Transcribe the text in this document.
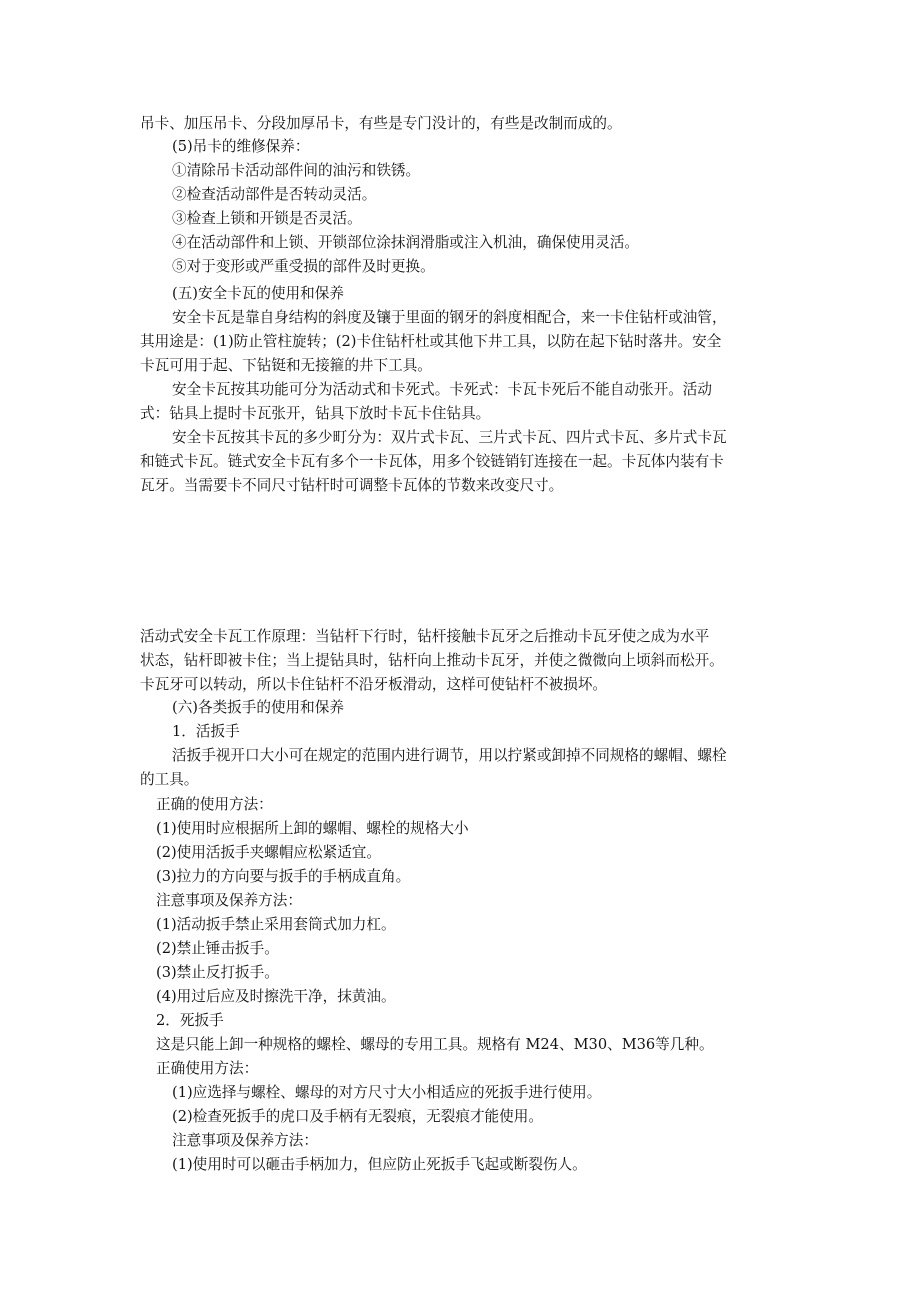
吊卡、加压吊卡、分段加厚吊卡，有些是专门没计的，有些是改制而成的。
(5)吊卡的维修保养：
①清除吊卡活动部件间的油污和铁锈。
②检查活动部件是否转动灵活。
③检查上锁和开锁是否灵活。
④在活动部件和上锁、开锁部位涂抹润滑脂或注入机油，确保使用灵活。
⑤对于变形或严重受损的部件及时更换。
(五)安全卡瓦的使用和保养
安全卡瓦是靠自身结构的斜度及镶于里面的钢牙的斜度相配合，来一卡住钻杆或油管，
其用途是：(1)防止管柱旋转；(2)卡住钻杆杜或其他下井工具，以防在起下钻时落井。安全
卡瓦可用于起、下钻铤和无接箍的井下工具。
安全卡瓦按其功能可分为活动式和卡死式。卡死式：卡瓦卡死后不能自动张开。活动
式：钻具上提时卡瓦张开，钻具下放时卡瓦卡住钻具。
安全卡瓦按其卡瓦的多少町分为：双片式卡瓦、三片式卡瓦、四片式卡瓦、多片式卡瓦
和链式卡瓦。链式安全卡瓦有多个一卡瓦体，用多个铰链销钉连接在一起。卡瓦体内装有卡
瓦牙。当需要卡不同尺寸钻杆时可调整卡瓦体的节数来改变尺寸。
活动式安全卡瓦工作原理：当钻杆下行时，钻杆接触卡瓦牙之后推动卡瓦牙使之成为水平
状态，钻杆即被卡住；当上提钻具时，钻杆向上推动卡瓦牙，并使之微微向上顷斜而松开。
卡瓦牙可以转动，所以卡住钻杆不沿牙板滑动，这样可使钻杆不被损坏。
(六)各类扳手的使用和保养
1．活扳手
活扳手视开口大小可在规定的范围内进行调节，用以拧紧或卸掉不同规格的螺帽、螺栓
的工具。
正确的使用方法：
(1)使用时应根据所上卸的螺帽、螺栓的规格大小
(2)使用活扳手夹螺帽应松紧适宜。
(3)拉力的方向要与扳手的手柄成直角。
注意事项及保养方法：
(1)活动扳手禁止采用套筒式加力杠。
(2)禁止锤击扳手。
(3)禁止反打扳手。
(4)用过后应及时擦洗干净，抹黄油。
2．死扳手
这是只能上卸一种规格的螺栓、螺母的专用工具。规格有 M24、M30、M36等几种。
正确使用方法：
(1)应选择与螺栓、螺母的对方尺寸大小相适应的死扳手进行使用。
(2)检查死扳手的虎口及手柄有无裂痕，无裂痕才能使用。
注意事项及保养方法：
(1)使用时可以砸击手柄加力，但应防止死扳手飞起或断裂伤人。
